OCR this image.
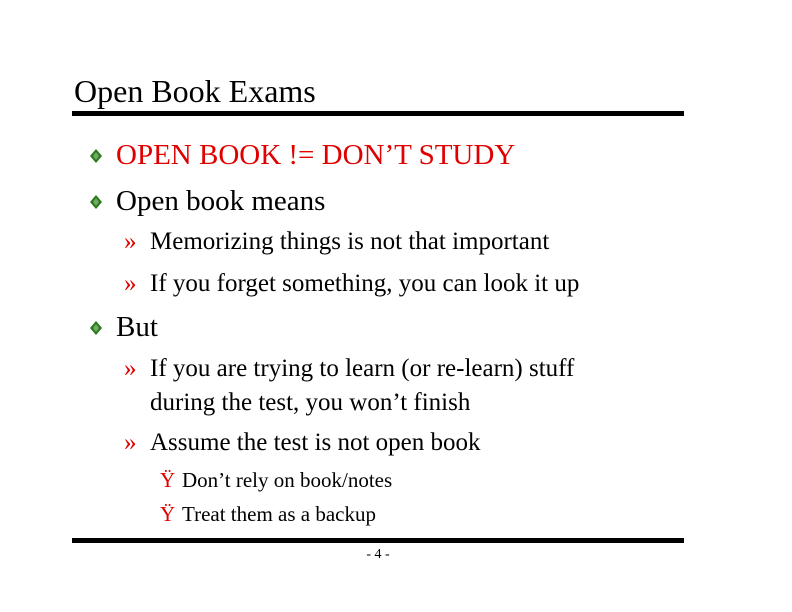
Open Book Exams
OPEN BOOK != DON’T STUDY
Open book means
» Memorizing things is not that important
» If you forget something, you can look it up
But
» If you are trying to learn (or re-learn) stuff
during the test, you won’t finish
» Assume the test is not open book
Ÿ Don’t rely on book/notes
Ÿ Treat them as a backup
- 4 -
